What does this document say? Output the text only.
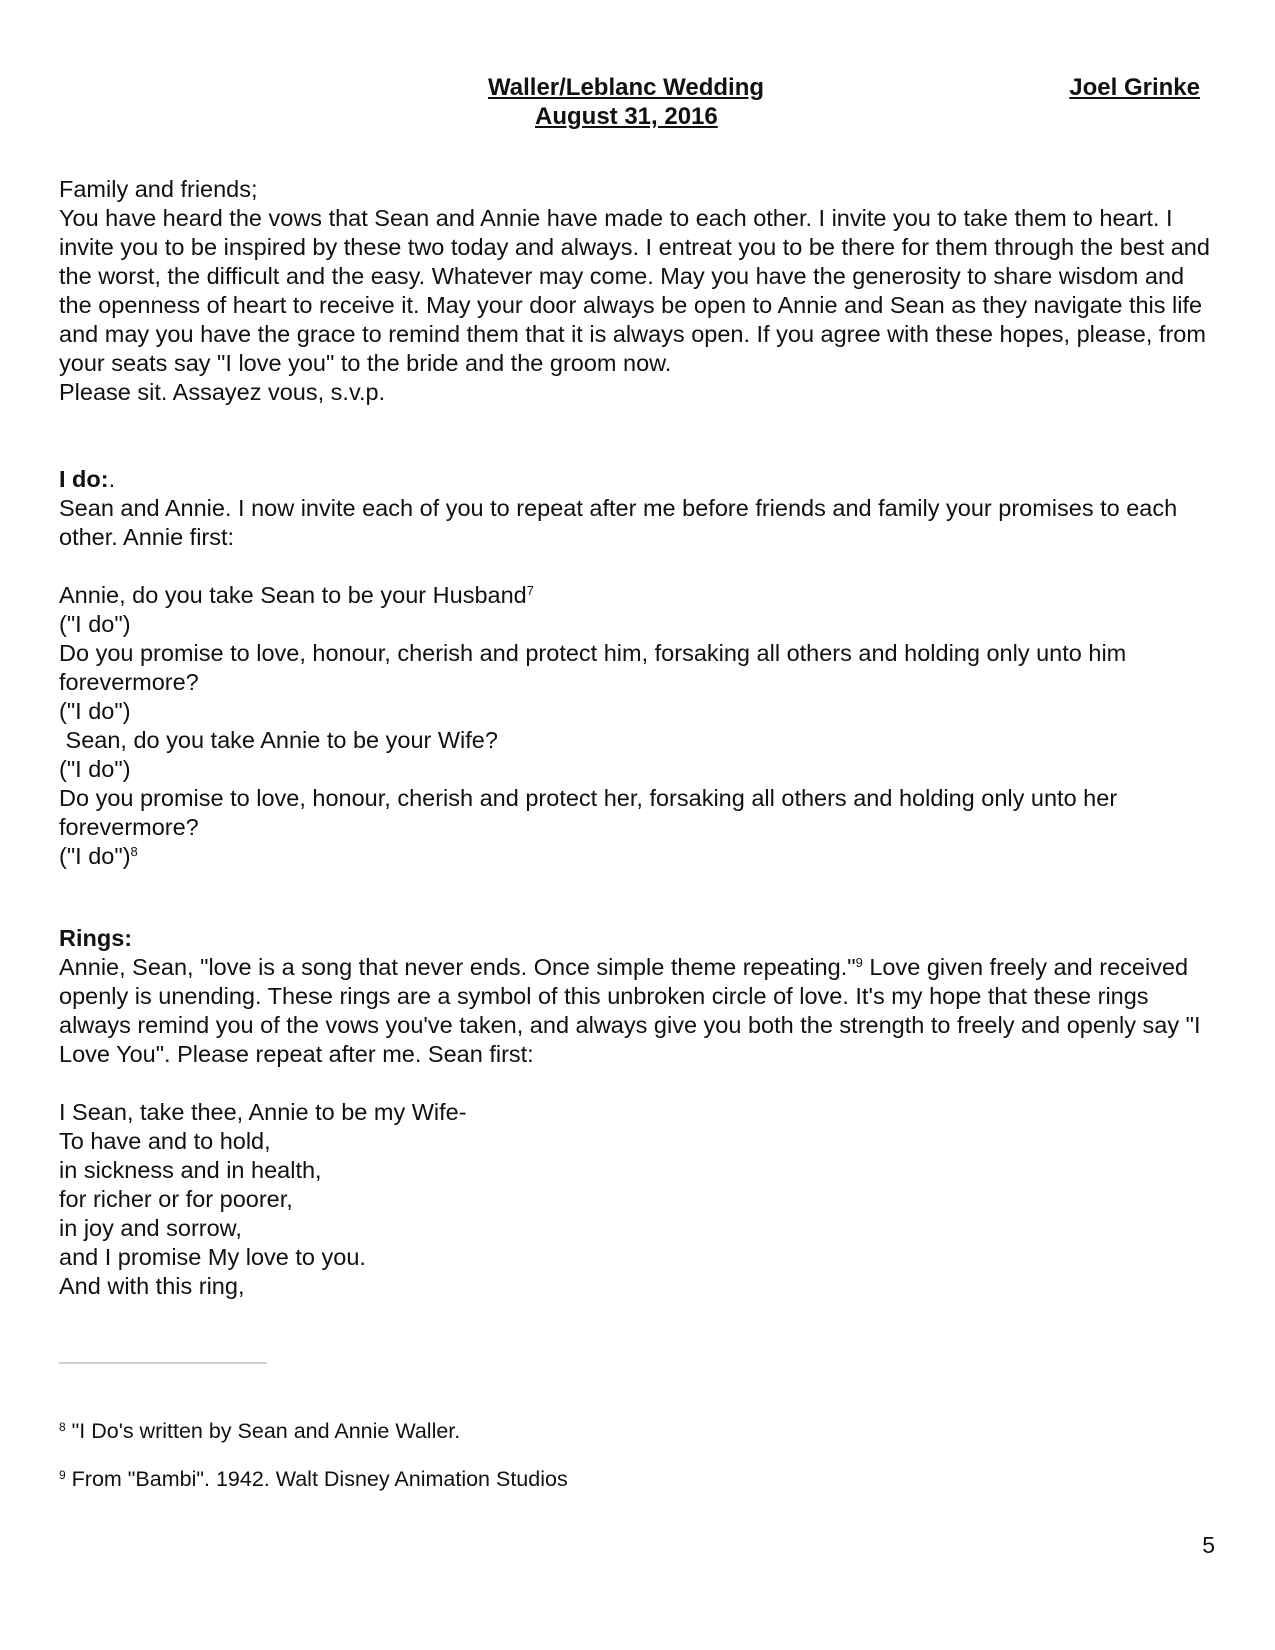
Waller/Leblanc Wedding	Joel Grinke
August 31, 2016

Family and friends;

You have heard the vows that Sean and Annie have made to each other. I invite you to take them to heart. I invite you to be inspired by these two today and always. I entreat you to be there for them through the best and the worst, the difficult and the easy. Whatever may come. May you have the generosity to share wisdom and the openness of heart to receive it. May your door always be open to Annie and Sean as they navigate this life and may you have the grace to remind them that it is always open. If you agree with these hopes, please, from your seats say "I love you" to the bride and the groom now.

Please sit. Assayez vous, s.v.p.

I do:.

Sean and Annie. I now invite each of you to repeat after me before friends and family your promises to each other. Annie first:

Annie, do you take Sean to be your Husband$^7$

("I do")

Do you promise to love, honour, cherish and protect him, forsaking all others and holding only unto him forevermore?

("I do")

Sean, do you take Annie to be your Wife?

("I do")

Do you promise to love, honour, cherish and protect her, forsaking all others and holding only unto her forevermore?

("I do")$^8$

Rings:

Annie, Sean, "love is a song that never ends. Once simple theme repeating."$^9$ Love given freely and received openly is unending. These rings are a symbol of this unbroken circle of love. It's my hope that these rings always remind you of the vows you've taken, and always give you both the strength to freely and openly say "I Love You". Please repeat after me. Sean first:

I Sean, take thee, Annie to be my Wife-

To have and to hold,

in sickness and in health,

for richer or for poorer,

in joy and sorrow,

and I promise My love to you.

And with this ring,

$^8$ "I Do's written by Sean and Annie Waller.
$^9$ From "Bambi". 1942. Walt Disney Animation Studios
5
